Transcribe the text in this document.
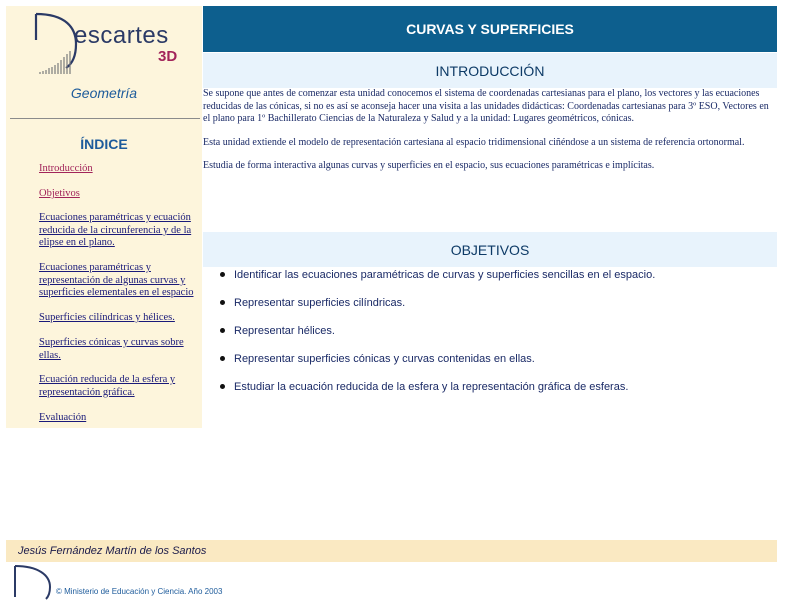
escartes
3D
Geometría
ÍNDICE
Introducción
Objetivos
Ecuaciones paramétricas y ecuación reducida de la circunferencia y de la elipse en el plano.
Ecuaciones paramétricas y representación de algunas curvas y superficies elementales en el espacio
Superficies cilíndricas y hélices.
Superficies cónicas y curvas sobre ellas.
Ecuación reducida de la esfera y representación gráfica.
Evaluación
CURVAS Y SUPERFICIES
INTRODUCCIÓN

Se supone que antes de comenzar esta unidad conocemos el sistema de coordenadas cartesianas para el plano, los vectores y las ecuaciones reducidas de las cónicas, si no es así se aconseja hacer una visita a las unidades didácticas: Coordenadas cartesianas para 3º ESO, Vectores en el plano para 1º Bachillerato Ciencias de la Naturaleza y Salud y a la unidad: Lugares geométricos, cónicas.

Esta unidad extiende el modelo de representación cartesiana al espacio tridimensional ciñéndose a un sistema de referencia ortonormal.

Estudia de forma interactiva algunas curvas y superficies en el espacio, sus ecuaciones paramétricas e implícitas.

OBJETIVOS
Identificar las ecuaciones paramétricas de curvas y superficies sencillas en el espacio.
Representar superficies cilíndricas.
Representar hélices.
Representar superficies cónicas y curvas contenidas en ellas.
Estudiar la ecuación reducida de la esfera y la representación gráfica de esferas.
Jesús Fernández Martín de los Santos
© Ministerio de Educación y Ciencia. Año 2003
